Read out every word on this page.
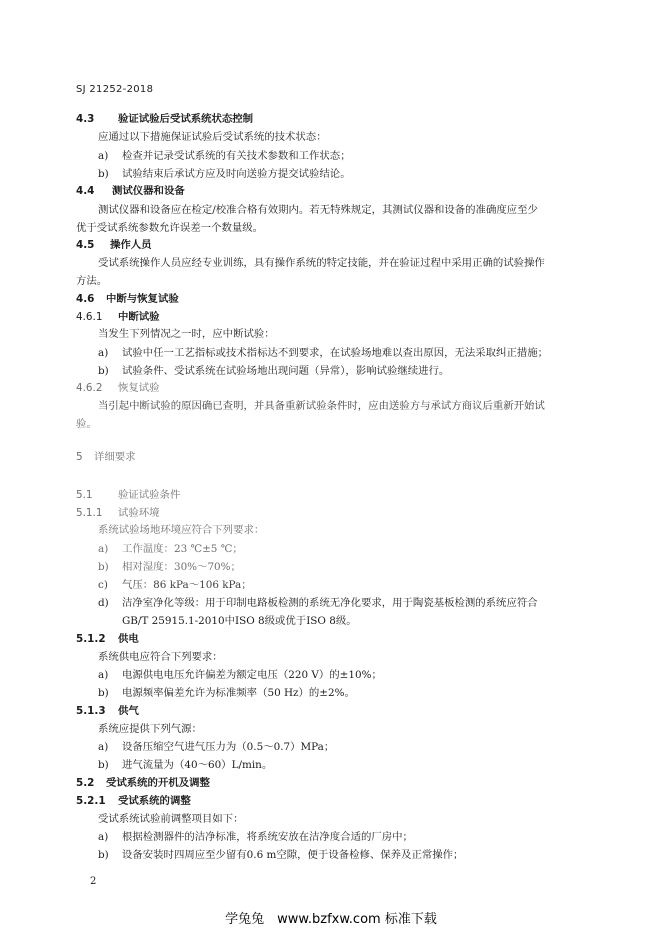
SJ 21252-2018
4.3 验证试验后受试系统状态控制
应通过以下措施保证试验后受试系统的技术状态：
a) 检查并记录受试系统的有关技术参数和工作状态；
b) 试验结束后承试方应及时向送验方提交试验结论。
4.4 测试仪器和设备
测试仪器和设备应在检定/校准合格有效期内。若无特殊规定，其测试仪器和设备的准确度应至少
优于受试系统参数允许误差一个数量级。
4.5 操作人员
受试系统操作人员应经专业训练，具有操作系统的特定技能，并在验证过程中采用正确的试验操作
方法。
4.6 中断与恢复试验
4.6.1 中断试验
当发生下列情况之一时，应中断试验：
a) 试验中任一工艺指标或技术指标达不到要求，在试验场地难以查出原因，无法采取纠正措施；
b) 试验条件、受试系统在试验场地出现问题（异常），影响试验继续进行。
4.6.2 恢复试验
当引起中断试验的原因确已查明，并具备重新试验条件时，应由送验方与承试方商议后重新开始试
验。
5 详细要求
5.1 验证试验条件
5.1.1 试验环境
系统试验场地环境应符合下列要求：
a) 工作温度：23 ℃±5 ℃；
b) 相对湿度：30%～70%；
c) 气压：86 kPa～106 kPa；
d) 洁净室净化等级：用于印制电路板检测的系统无净化要求，用于陶瓷基板检测的系统应符合
GB/T 25915.1-2010中ISO 8级或优于ISO 8级。
5.1.2 供电
系统供电应符合下列要求：
a) 电源供电电压允许偏差为额定电压（220 V）的±10%；
b) 电源频率偏差允许为标准频率（50 Hz）的±2%。
5.1.3 供气
系统应提供下列气源：
a) 设备压缩空气进气压力为（0.5～0.7）MPa；
b) 进气流量为（40～60）L/min。
5.2 受试系统的开机及调整
5.2.1 受试系统的调整
受试系统试验前调整项目如下：
a) 根据检测器件的洁净标准，将系统安放在洁净度合适的厂房中；
b) 设备安装时四周应至少留有0.6 m空隙，便于设备检修、保养及正常操作；
2
学兔兔　www.bzfxw.com 标准下载
